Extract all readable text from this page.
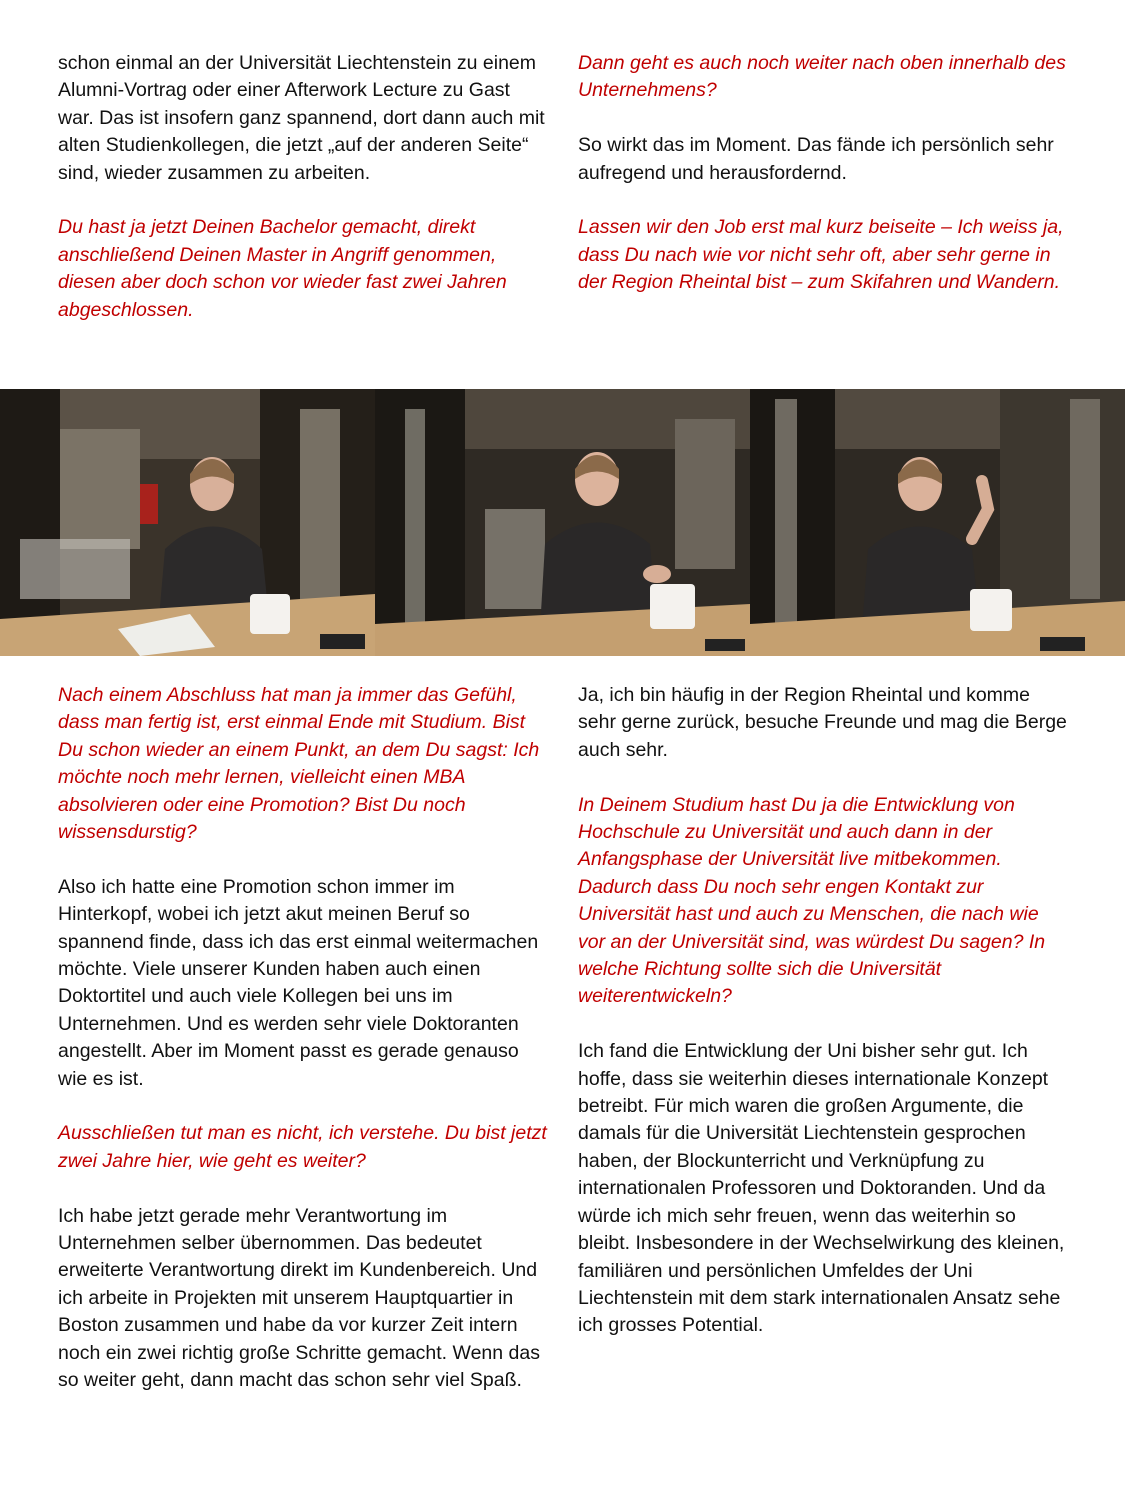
schon einmal an der Universität Liechtenstein zu einem Alumni-Vortrag oder einer Afterwork Lecture zu Gast war. Das ist insofern ganz spannend, dort dann auch mit alten Studienkollegen, die jetzt „auf der anderen Seite“ sind, wieder zusammen zu arbeiten.

Du hast ja jetzt Deinen Bachelor gemacht, direkt anschließend Deinen Master in Angriff genommen, diesen aber doch schon vor wieder fast zwei Jahren abgeschlossen.

Dann geht es auch noch weiter nach oben innerhalb des Unternehmens?

So wirkt das im Moment. Das fände ich persönlich sehr aufregend und herausfordernd.

Lassen wir den Job erst mal kurz beiseite – Ich weiss ja, dass Du nach wie vor nicht sehr oft, aber sehr gerne in der Region Rheintal bist – zum Skifahren und Wandern.

Nach einem Abschluss hat man ja immer das Gefühl, dass man fertig ist, erst einmal Ende mit Studium. Bist Du schon wieder an einem Punkt, an dem Du sagst: Ich möchte noch mehr lernen, vielleicht einen MBA absolvieren oder eine Promotion? Bist Du noch wissensdurstig?

Also ich hatte eine Promotion schon immer im Hinterkopf, wobei ich jetzt akut meinen Beruf so spannend finde, dass ich das erst einmal weitermachen möchte. Viele unserer Kunden haben auch einen Doktortitel und auch viele Kollegen bei uns im Unternehmen. Und es werden sehr viele Doktoranten angestellt. Aber im Moment passt es gerade genauso wie es ist.

Ausschließen tut man es nicht, ich verstehe. Du bist jetzt zwei Jahre hier, wie geht es weiter?

Ich habe jetzt gerade mehr Verantwortung im Unternehmen selber übernommen. Das bedeutet erweiterte Verantwortung direkt im Kundenbereich. Und ich arbeite in Projekten mit unserem Hauptquartier in Boston zusammen und habe da vor kurzer Zeit intern noch ein zwei richtig große Schritte gemacht. Wenn das so weiter geht, dann macht das schon sehr viel Spaß.

Ja, ich bin häufig in der Region Rheintal und komme sehr gerne zurück, besuche Freunde und mag die Berge auch sehr.

In Deinem Studium hast Du ja die Entwicklung von Hochschule zu Universität und auch dann in der Anfangsphase der Universität live mitbekommen. Dadurch dass Du noch sehr engen Kontakt zur Universität hast und auch zu Menschen, die nach wie vor an der Universität sind, was würdest Du sagen? In welche Richtung sollte sich die Universität weiterentwickeln?

Ich fand die Entwicklung der Uni bisher sehr gut. Ich hoffe, dass sie weiterhin dieses internationale Konzept betreibt. Für mich waren die großen Argumente, die damals für die Universität Liechtenstein gesprochen haben, der Blockunterricht und Verknüpfung zu internationalen Professoren und Doktoranden. Und da würde ich mich sehr freuen, wenn das weiterhin so bleibt. Insbesondere in der Wechselwirkung des kleinen, familiären und persönlichen Umfeldes der Uni Liechtenstein mit dem stark internationalen Ansatz sehe ich grosses Potential.
